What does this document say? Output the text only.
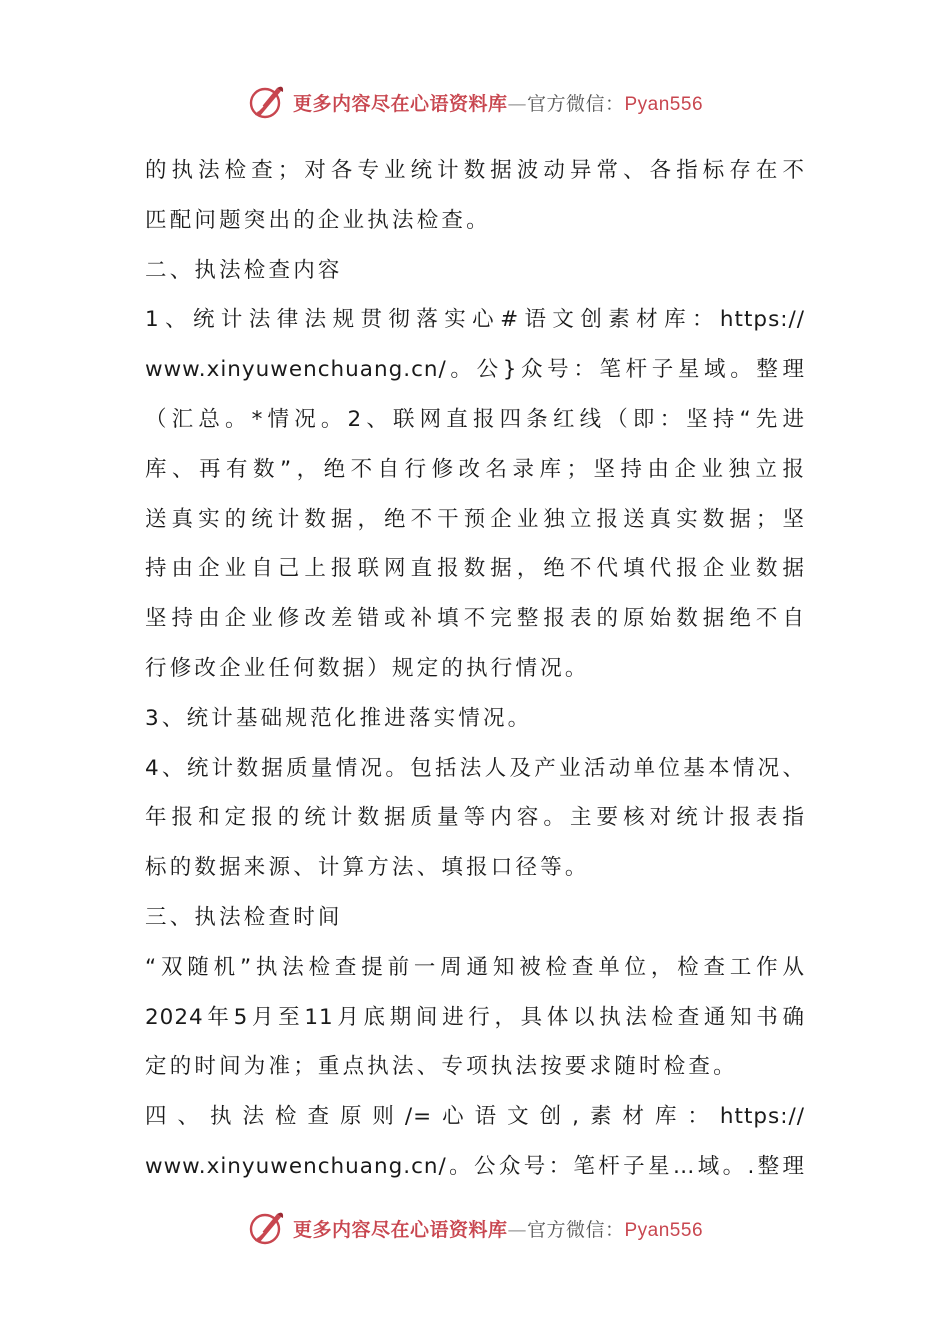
更多内容尽在心语资料库—官方微信：Pyan556
的执法检查；对各专业统计数据波动异常、各指标存在不
匹配问题突出的企业执法检查。
二、执法检查内容
1、统计法律法规贯彻落实心#语文创素材库：https://
www.xinyuwenchuang.cn/。公}众号：笔杆子星域。整理
（汇总。*情况。2、联网直报四条红线（即：坚持“先进
库、再有数”，绝不自行修改名录库；坚持由企业独立报
送真实的统计数据，绝不干预企业独立报送真实数据；坚
持由企业自己上报联网直报数据，绝不代填代报企业数据
坚持由企业修改差错或补填不完整报表的原始数据绝不自
行修改企业任何数据）规定的执行情况。
3、统计基础规范化推进落实情况。
4、统计数据质量情况。包括法人及产业活动单位基本情况、
年报和定报的统计数据质量等内容。主要核对统计报表指
标的数据来源、计算方法、填报口径等。
三、执法检查时间
“双随机”执法检查提前一周通知被检查单位，检查工作从
2024年5月至11月底期间进行，具体以执法检查通知书确
定的时间为准；重点执法、专项执法按要求随时检查。
四、执法检查原则/=心语文创,素材库：https://
www.xinyuwenchuang.cn/。公众号：笔杆子星…域。.整理
更多内容尽在心语资料库—官方微信：Pyan556
